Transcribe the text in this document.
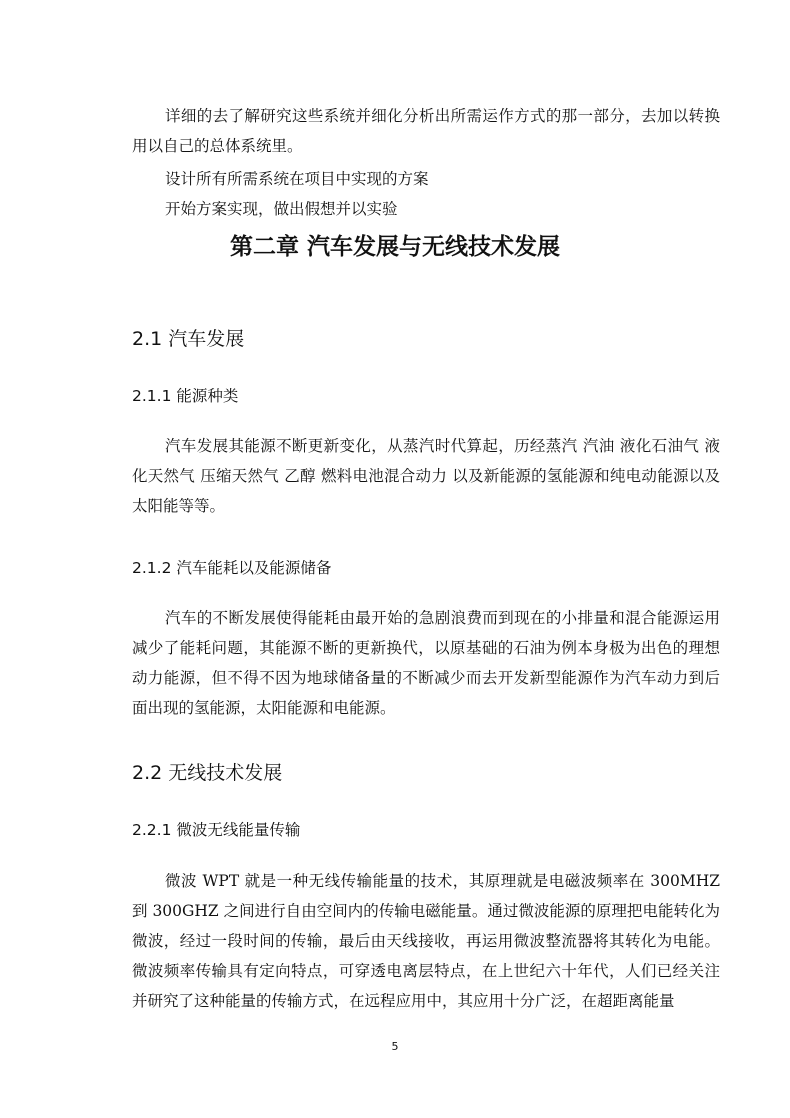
详细的去了解研究这些系统并细化分析出所需运作方式的那一部分，去加以转换用以自己的总体系统里。

设计所有所需系统在项目中实现的方案

开始方案实现，做出假想并以实验

第二章 汽车发展与无线技术发展
2.1 汽车发展
2.1.1 能源种类

汽车发展其能源不断更新变化，从蒸汽时代算起，历经蒸汽 汽油 液化石油气 液化天然气 压缩天然气 乙醇 燃料电池混合动力 以及新能源的氢能源和纯电动能源以及太阳能等等。

2.1.2 汽车能耗以及能源储备

汽车的不断发展使得能耗由最开始的急剧浪费而到现在的小排量和混合能源运用减少了能耗问题，其能源不断的更新换代，以原基础的石油为例本身极为出色的理想动力能源，但不得不因为地球储备量的不断减少而去开发新型能源作为汽车动力到后面出现的氢能源，太阳能源和电能源。

2.2 无线技术发展
2.2.1 微波无线能量传输

微波 WPT 就是一种无线传输能量的技术，其原理就是电磁波频率在 300MHZ 到 300GHZ 之间进行自由空间内的传输电磁能量。通过微波能源的原理把电能转化为微波，经过一段时间的传输，最后由天线接收，再运用微波整流器将其转化为电能。微波频率传输具有定向特点，可穿透电离层特点，在上世纪六十年代，人们已经关注并研究了这种能量的传输方式，在远程应用中，其应用十分广泛，在超距离能量

5
